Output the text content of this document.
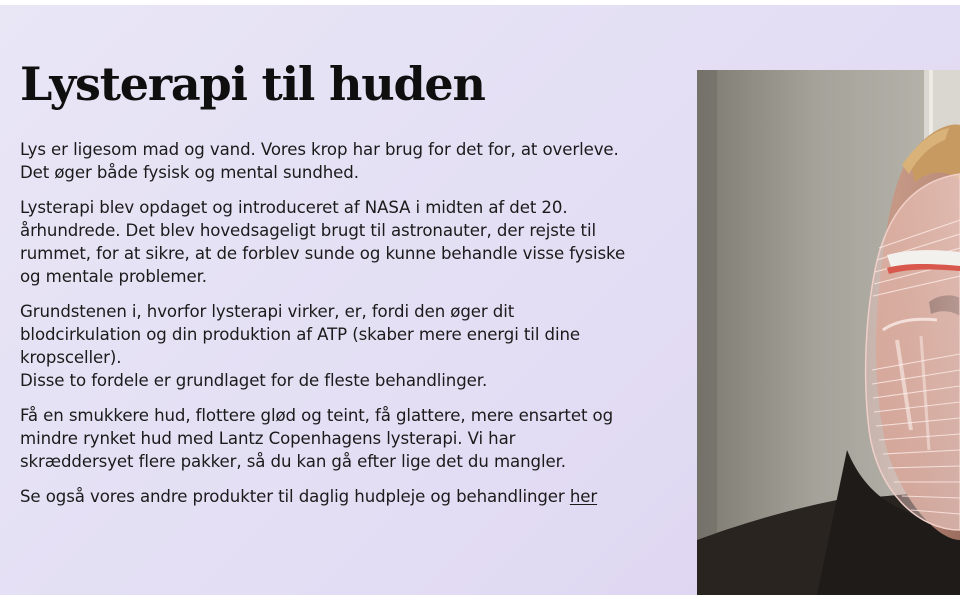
Lysterapi til huden

Lys er ligesom mad og vand. Vores krop har brug for det for, at overleve.
Det øger både fysisk og mental sundhed.

Lysterapi blev opdaget og introduceret af NASA i midten af det 20.
århundrede. Det blev hovedsageligt brugt til astronauter, der rejste til
rummet, for at sikre, at de forblev sunde og kunne behandle visse fysiske
og mentale problemer.

Grundstenen i, hvorfor lysterapi virker, er, fordi den øger dit
blodcirkulation og din produktion af ATP (skaber mere energi til dine
kropsceller).
Disse to fordele er grundlaget for de fleste behandlinger.

Få en smukkere hud, flottere glød og teint, få glattere, mere ensartet og
mindre rynket hud med Lantz Copenhagens lysterapi. Vi har
skræddersyet flere pakker, så du kan gå efter lige det du mangler.

Se også vores andre produkter til daglig hudpleje og behandlinger her
